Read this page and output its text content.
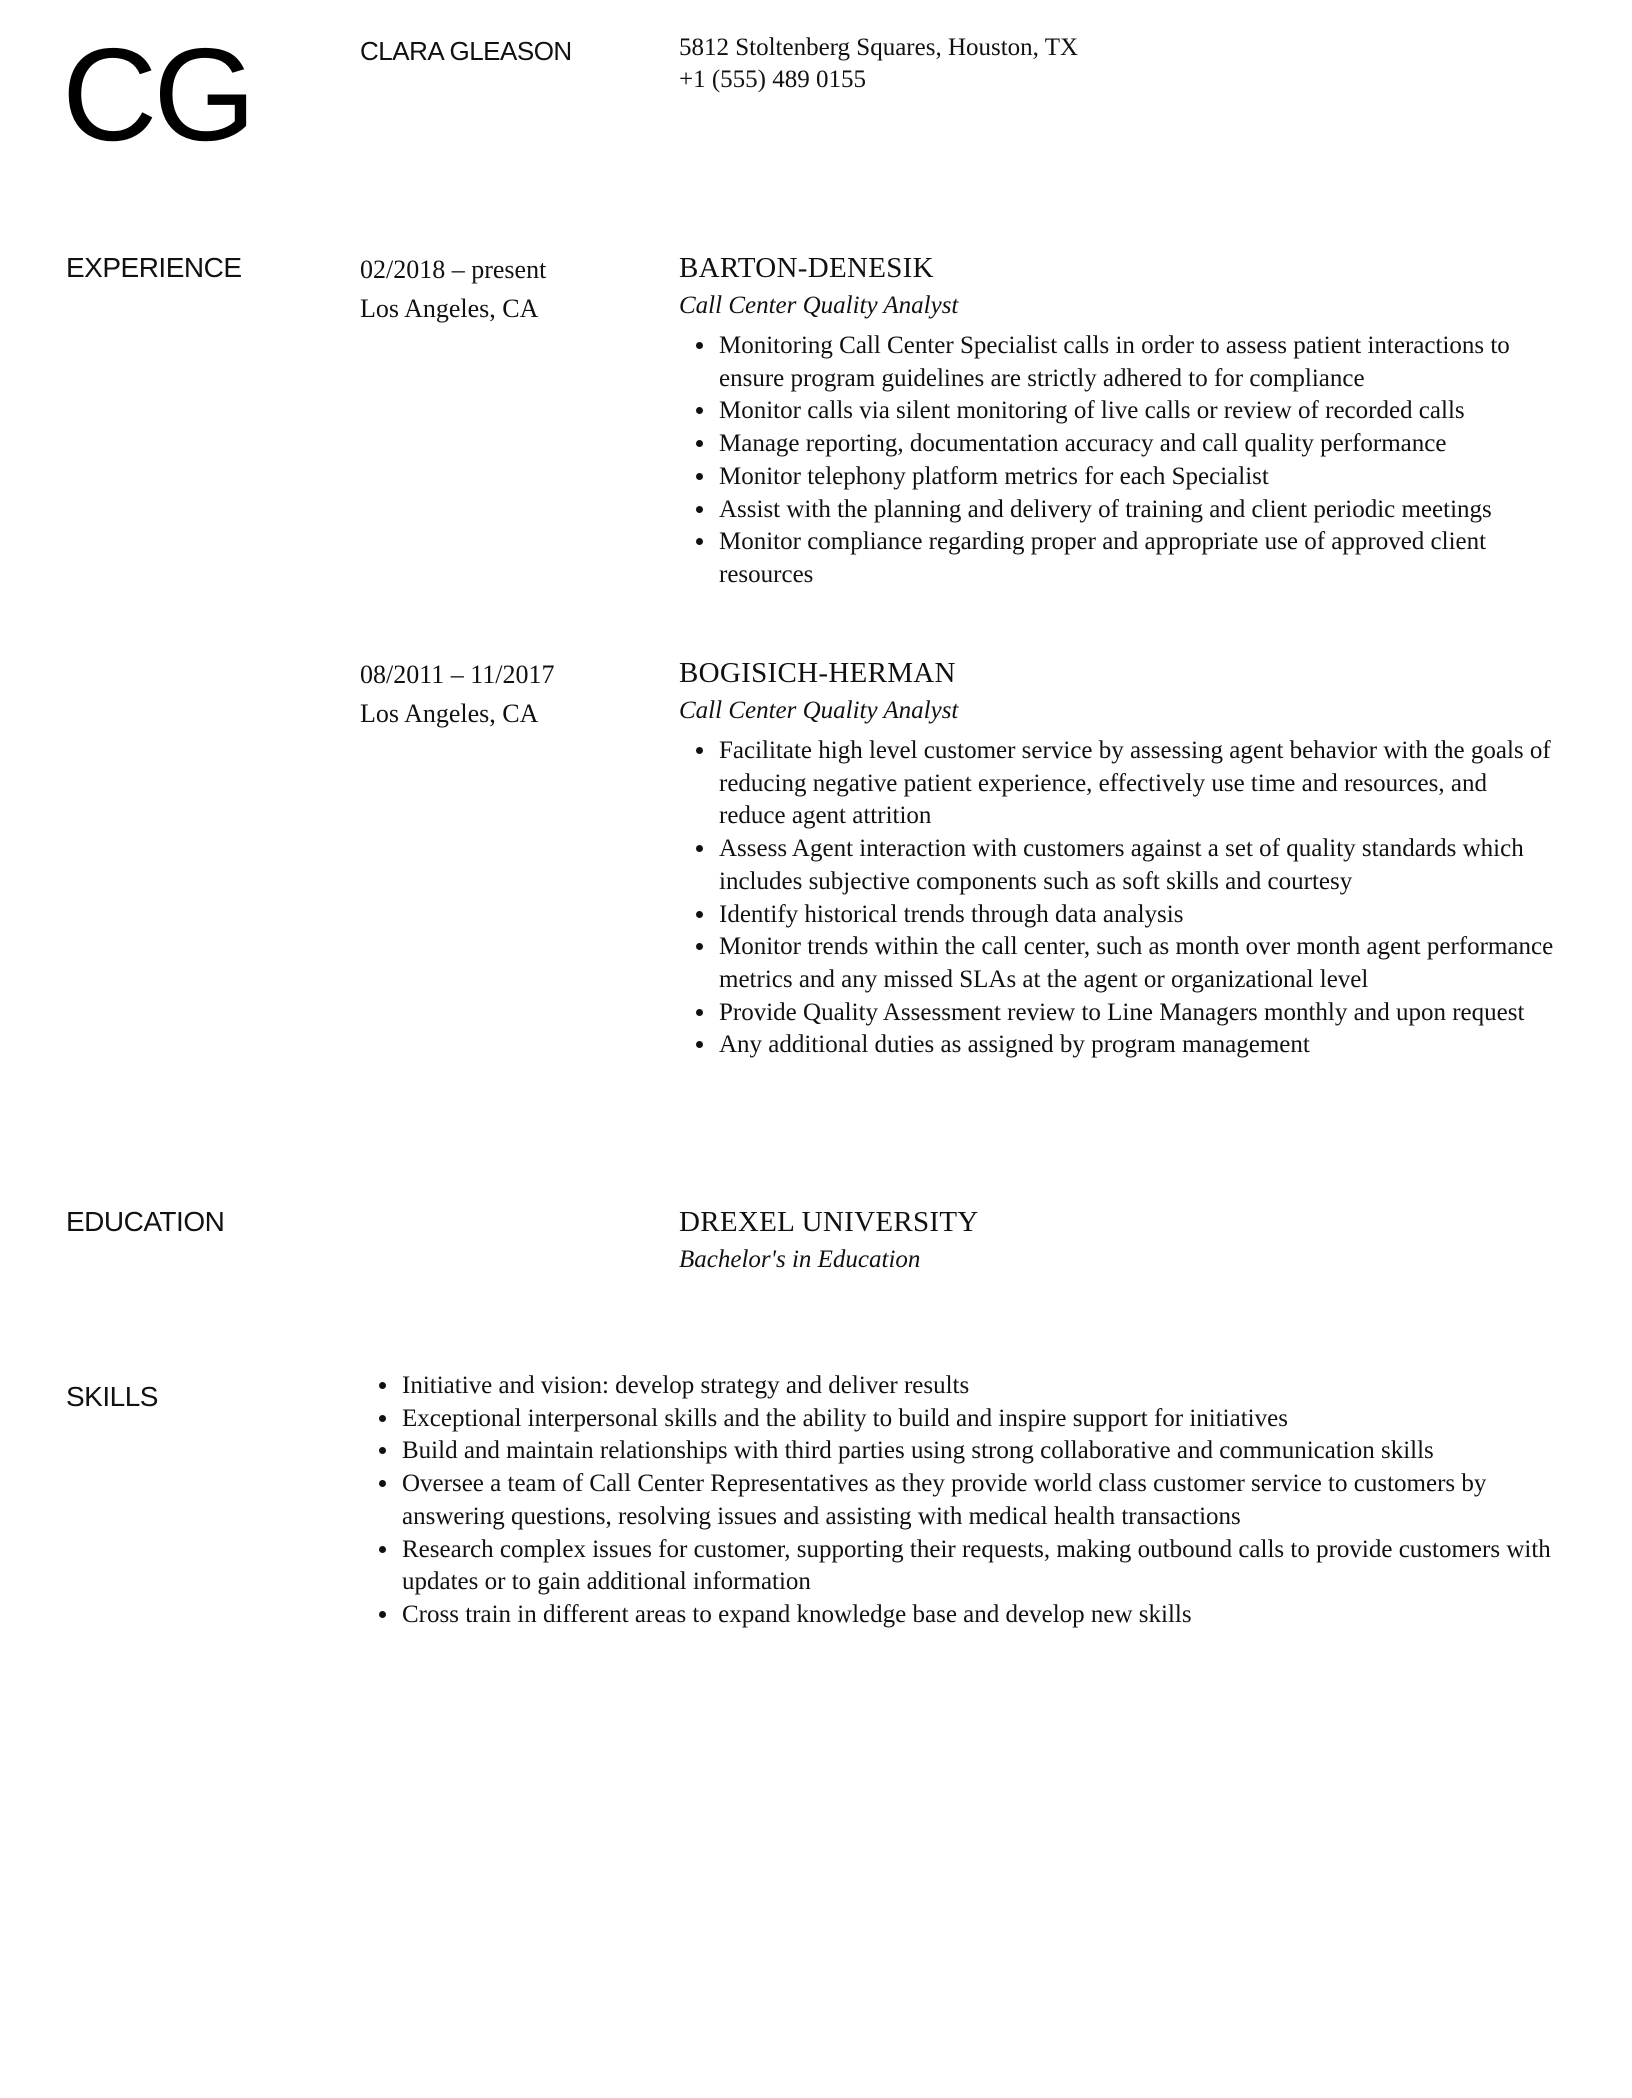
CG	CLARA GLEASON	5812 Stoltenberg Squares, Houston, TX
+1 (555) 489 0155
EXPERIENCE	02/2018 – present
Los Angeles, CA
BARTON-DENESIK
Call Center Quality Analyst
• Monitoring Call Center Specialist calls in order to assess patient interactions to ensure program guidelines are strictly adhered to for compliance
• Monitor calls via silent monitoring of live calls or review of recorded calls
• Manage reporting, documentation accuracy and call quality performance
• Monitor telephony platform metrics for each Specialist
• Assist with the planning and delivery of training and client periodic meetings
• Monitor compliance regarding proper and appropriate use of approved client resources
08/2011 – 11/2017
Los Angeles, CA
BOGISICH-HERMAN
Call Center Quality Analyst
• Facilitate high level customer service by assessing agent behavior with the goals of reducing negative patient experience, effectively use time and resources, and reduce agent attrition
• Assess Agent interaction with customers against a set of quality standards which includes subjective components such as soft skills and courtesy
• Identify historical trends through data analysis
• Monitor trends within the call center, such as month over month agent performance metrics and any missed SLAs at the agent or organizational level
• Provide Quality Assessment review to Line Managers monthly and upon request
• Any additional duties as assigned by program management
EDUCATION	DREXEL UNIVERSITY
Bachelor's in Education
SKILLS	• Initiative and vision: develop strategy and deliver results
• Exceptional interpersonal skills and the ability to build and inspire support for initiatives
• Build and maintain relationships with third parties using strong collaborative and communication skills
• Oversee a team of Call Center Representatives as they provide world class customer service to customers by answering questions, resolving issues and assisting with medical health transactions
• Research complex issues for customer, supporting their requests, making outbound calls to provide customers with updates or to gain additional information
• Cross train in different areas to expand knowledge base and develop new skills
